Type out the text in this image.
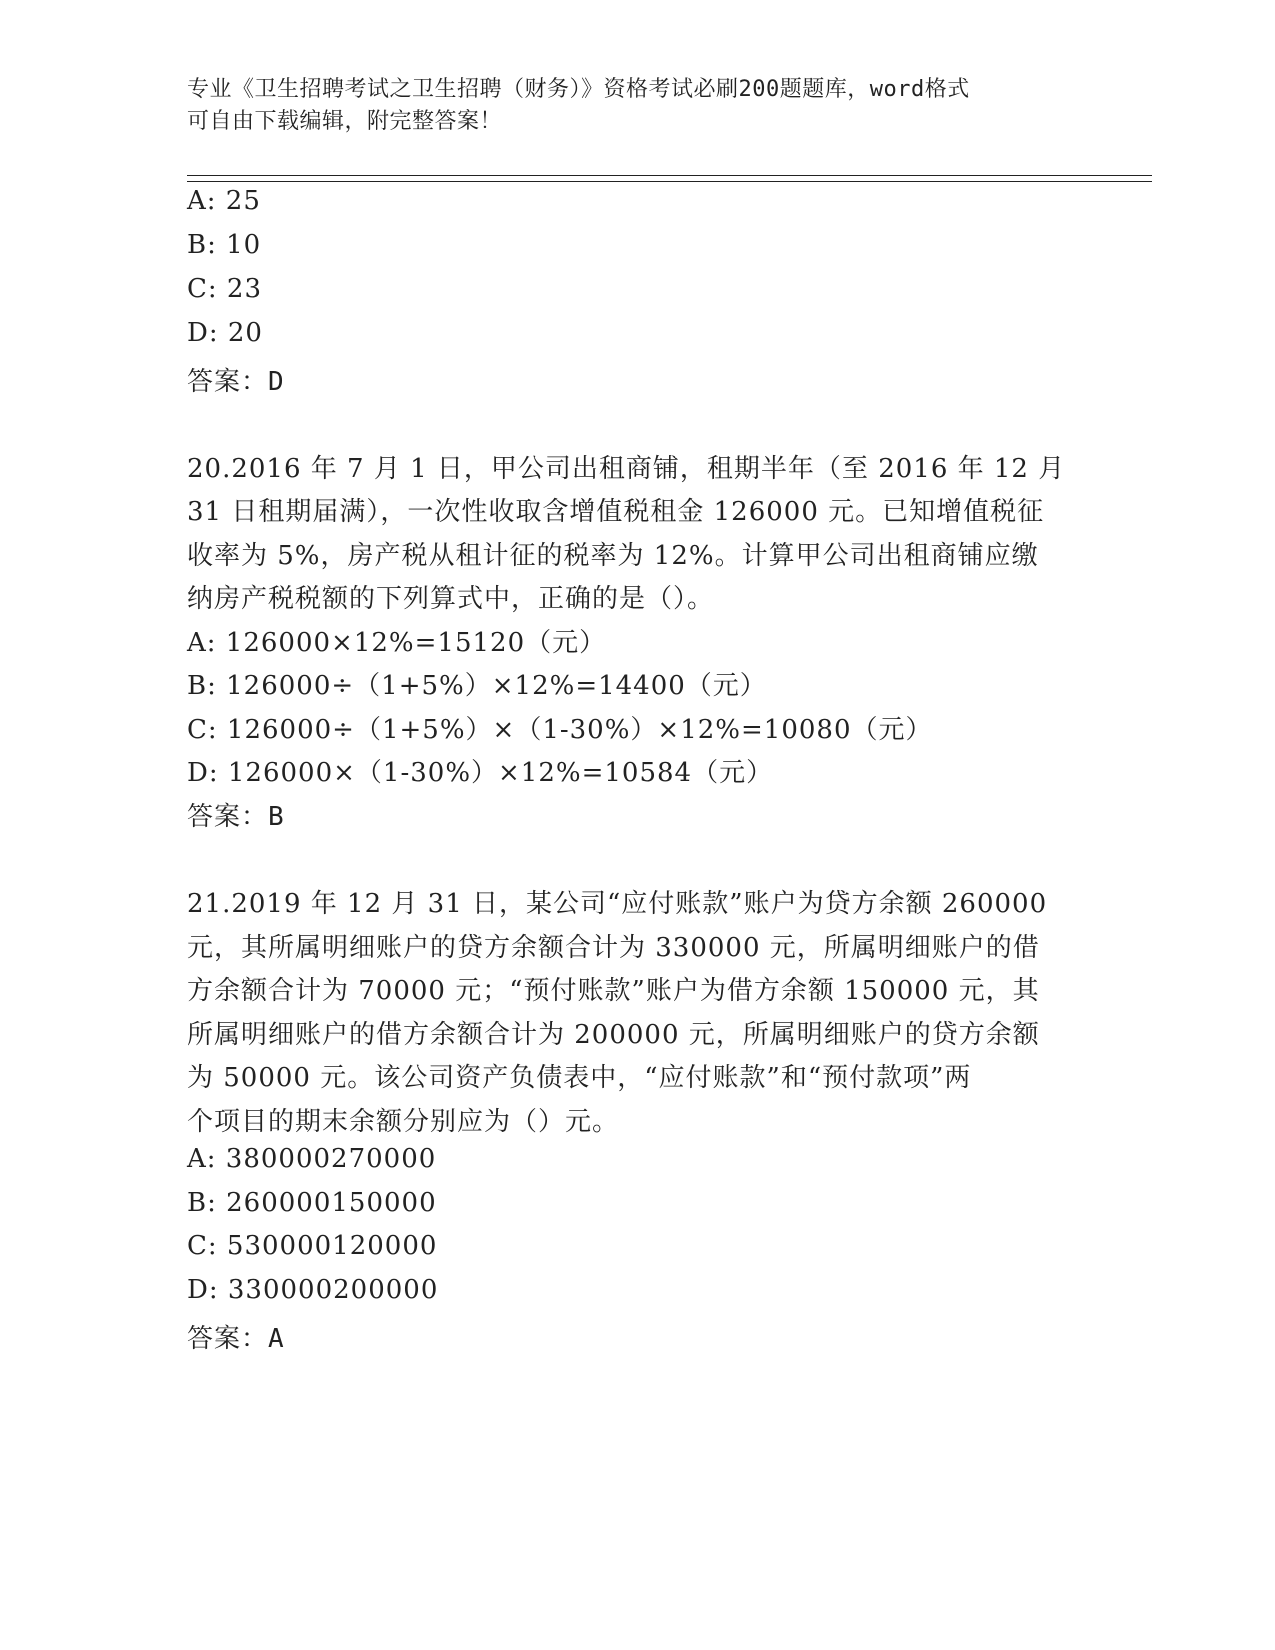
专业《卫生招聘考试之卫生招聘（财务）》资格考试必刷200题题库，word格式
可自由下载编辑，附完整答案！
A: 25
B: 10
C: 23
D: 20
答案：D
20.2016 年 7 月 1 日，甲公司出租商铺，租期半年（至 2016 年 12 月
31 日租期届满），一次性收取含增值税租金 126000 元。已知增值税征
收率为 5%，房产税从租计征的税率为 12%。计算甲公司出租商铺应缴
纳房产税税额的下列算式中，正确的是（）。
A: 126000×12%=15120（元）
B: 126000÷（1+5%）×12%=14400（元）
C: 126000÷（1+5%）×（1-30%）×12%=10080（元）
D: 126000×（1-30%）×12%=10584（元）
答案：B
21.2019 年 12 月 31 日，某公司“应付账款”账户为贷方余额 260000
元，其所属明细账户的贷方余额合计为 330000 元，所属明细账户的借
方余额合计为 70000 元；“预付账款”账户为借方余额 150000 元，其
所属明细账户的借方余额合计为 200000 元，所属明细账户的贷方余额
为 50000 元。该公司资产负债表中，“应付账款”和“预付款项”两
个项目的期末余额分别应为（）元。
A: 380000270000
B: 260000150000
C: 530000120000
D: 330000200000
答案：A
